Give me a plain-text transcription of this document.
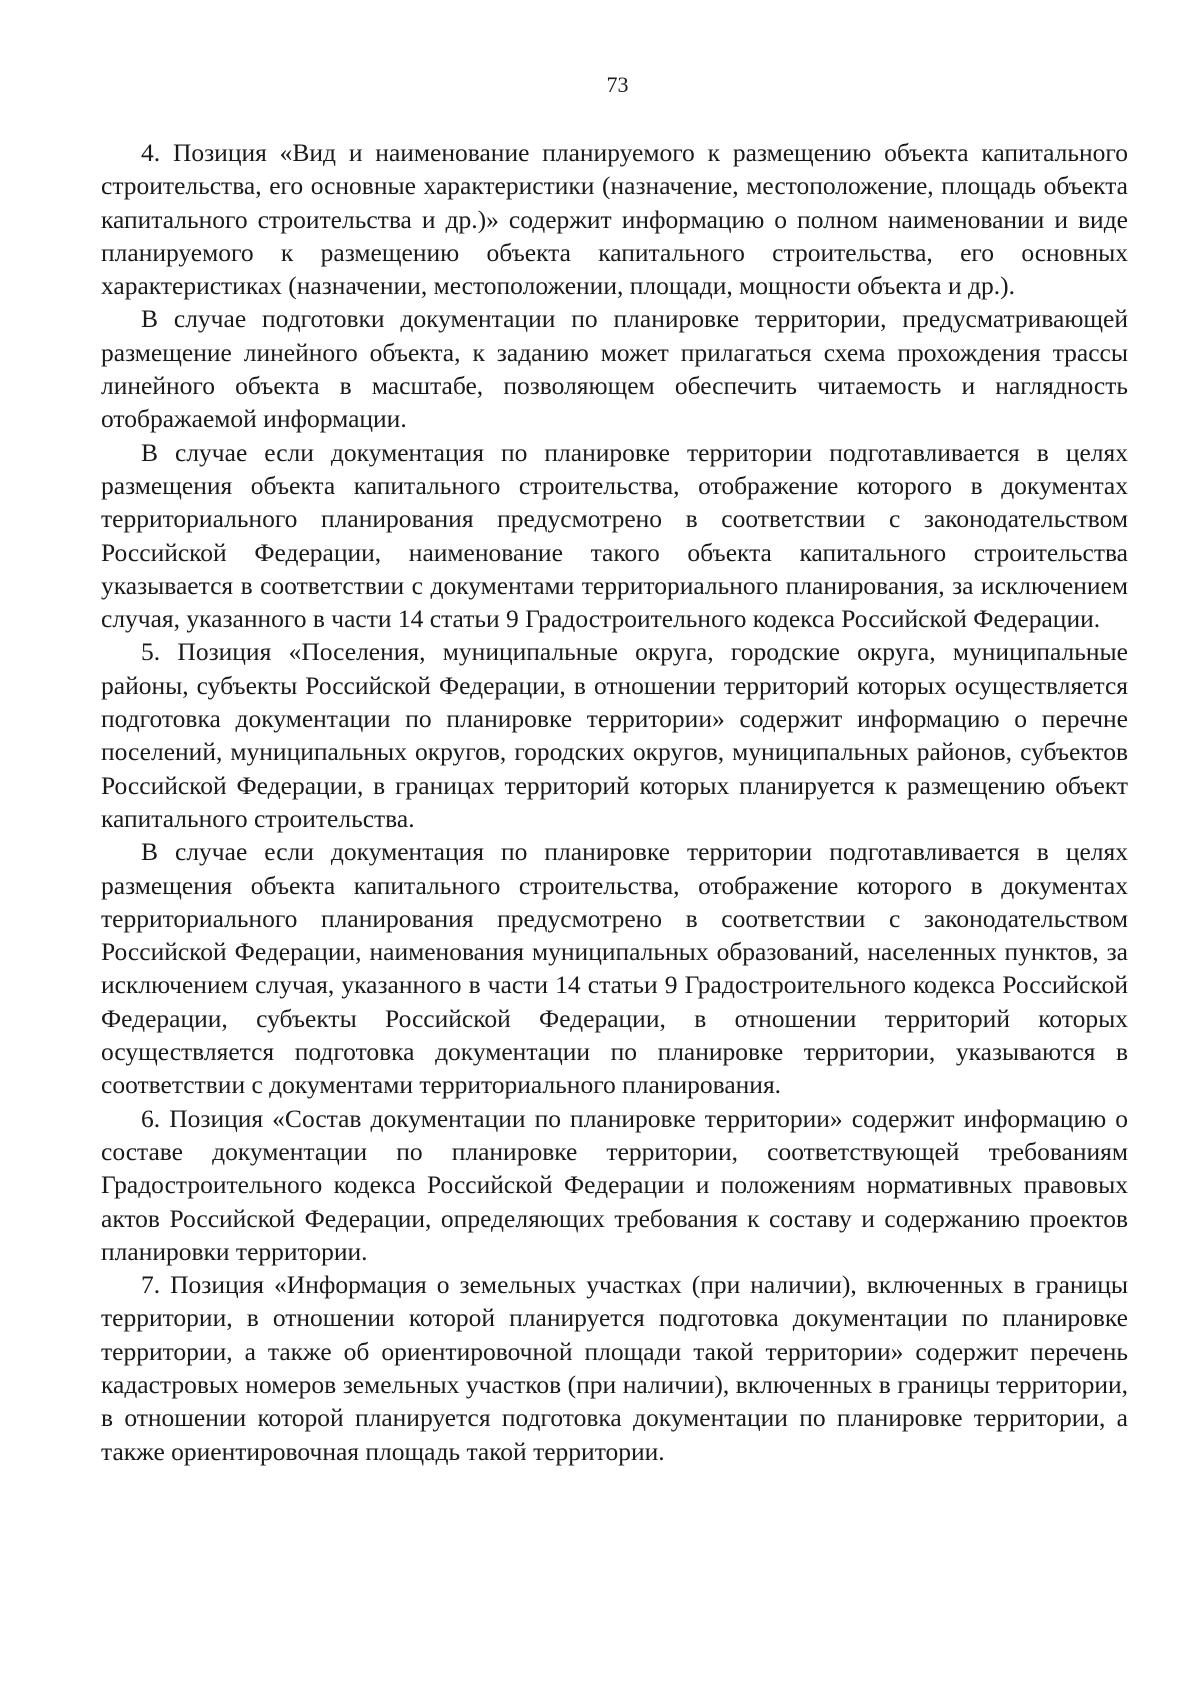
73

4. Позиция «Вид и наименование планируемого к размещению объекта капитального строительства, его основные характеристики (назначение, местоположение, площадь объекта капитального строительства и др.)» содержит информацию о полном наименовании и виде планируемого к размещению объекта капитального строительства, его основных характеристиках (назначении, местоположении, площади, мощности объекта и др.).

В случае подготовки документации по планировке территории, предусматривающей размещение линейного объекта, к заданию может прилагаться схема прохождения трассы линейного объекта в масштабе, позволяющем обеспечить читаемость и наглядность отображаемой информации.

В случае если документация по планировке территории подготавливается в целях размещения объекта капитального строительства, отображение которого в документах территориального планирования предусмотрено в соответствии с законодательством Российской Федерации, наименование такого объекта капитального строительства указывается в соответствии с документами территориального планирования, за исключением случая, указанного в части 14 статьи 9 Градостроительного кодекса Российской Федерации.

5. Позиция «Поселения, муниципальные округа, городские округа, муниципальные районы, субъекты Российской Федерации, в отношении территорий которых осуществляется подготовка документации по планировке территории» содержит информацию о перечне поселений, муниципальных округов, городских округов, муниципальных районов, субъектов Российской Федерации, в границах территорий которых планируется к размещению объект капитального строительства.

В случае если документация по планировке территории подготавливается в целях размещения объекта капитального строительства, отображение которого в документах территориального планирования предусмотрено в соответствии с законодательством Российской Федерации, наименования муниципальных образований, населенных пунктов, за исключением случая, указанного в части 14 статьи 9 Градостроительного кодекса Российской Федерации, субъекты Российской Федерации, в отношении территорий которых осуществляется подготовка документации по планировке территории, указываются в соответствии с документами территориального планирования.

6. Позиция «Состав документации по планировке территории» содержит информацию о составе документации по планировке территории, соответствующей требованиям Градостроительного кодекса Российской Федерации и положениям нормативных правовых актов Российской Федерации, определяющих требования к составу и содержанию проектов планировки территории.

7. Позиция «Информация о земельных участках (при наличии), включенных в границы территории, в отношении которой планируется подготовка документации по планировке территории, а также об ориентировочной площади такой территории» содержит перечень кадастровых номеров земельных участков (при наличии), включенных в границы территории, в отношении которой планируется подготовка документации по планировке территории, а также ориентировочная площадь такой территории.
